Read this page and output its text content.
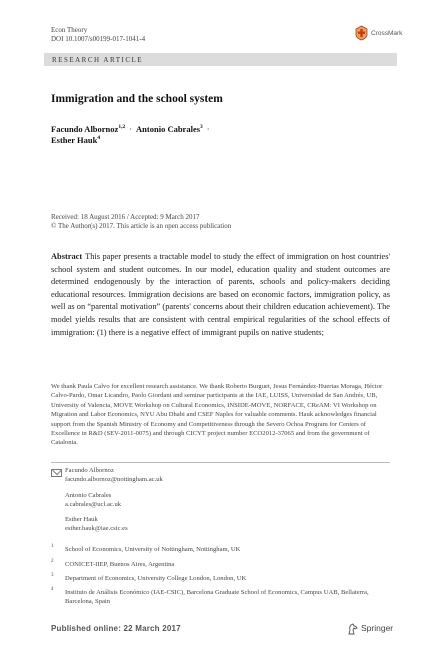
Econ Theory
DOI 10.1007/s00199-017-1041-4
CrossMark
RESEARCH ARTICLE
Immigration and the school system
Facundo Albornoz$^{1,2}$ · Antonio Cabrales$^3$ ·
Esther Hauk$^4$
Received: 18 August 2016 / Accepted: 9 March 2017
© The Author(s) 2017. This article is an open access publication
Abstract This paper presents a tractable model to study the effect of immigration on host countries' school system and student outcomes. In our model, education quality and student outcomes are determined endogenously by the interaction of parents, schools and policy-makers deciding educational resources. Immigration decisions are based on economic factors, immigration policy, as well as on “parental motivation” (parents' concerns about their children education achievement). The model yields results that are consistent with central empirical regularities of the school effects of immigration: (1) there is a negative effect of immigrant pupils on native students;
We thank Paula Calvo for excellent research assistance. We thank Roberto Burguet, Jesus Fernández-Huertas Moraga, Héctor Calvo-Pardo, Omar Licandro, Paolo Giordani and seminar participants at the IAE, LUISS, Universidad de San Andrés, UB, University of Valencia, MOVE Workshop on Cultural Economics, INSIDE-MOVE, NORFACE, CReAM: VI Workshop on Migration and Labor Economics, NYU Abu Dhabi and CSEF Naples for valuable comments. Hauk acknowledges financial support from the Spanish Ministry of Economy and Competitiveness through the Severo Ochoa Program for Centers of Excellence in R&D (SEV-2011-0075) and through CICYT project number ECO2012-37065 and from the government of Catalonia.
Facundo Albornoz
facundo.albornoz@nottingham.ac.uk
Antonio Cabrales
a.cabrales@ucl.ac.uk
Esther Hauk
esther.hauk@iae.csic.es
1 School of Economics, University of Nottingham, Nottingham, UK
2 CONICET-IIEP, Buenos Aires, Argentina
3 Department of Economics, University College London, London, UK
4 Instituto de Análisis Económico (IAE-CSIC), Barcelona Graduate School of Economics, Campus UAB, Bellaterra, Barcelona, Spain
Published online: 22 March 2017	Springer
